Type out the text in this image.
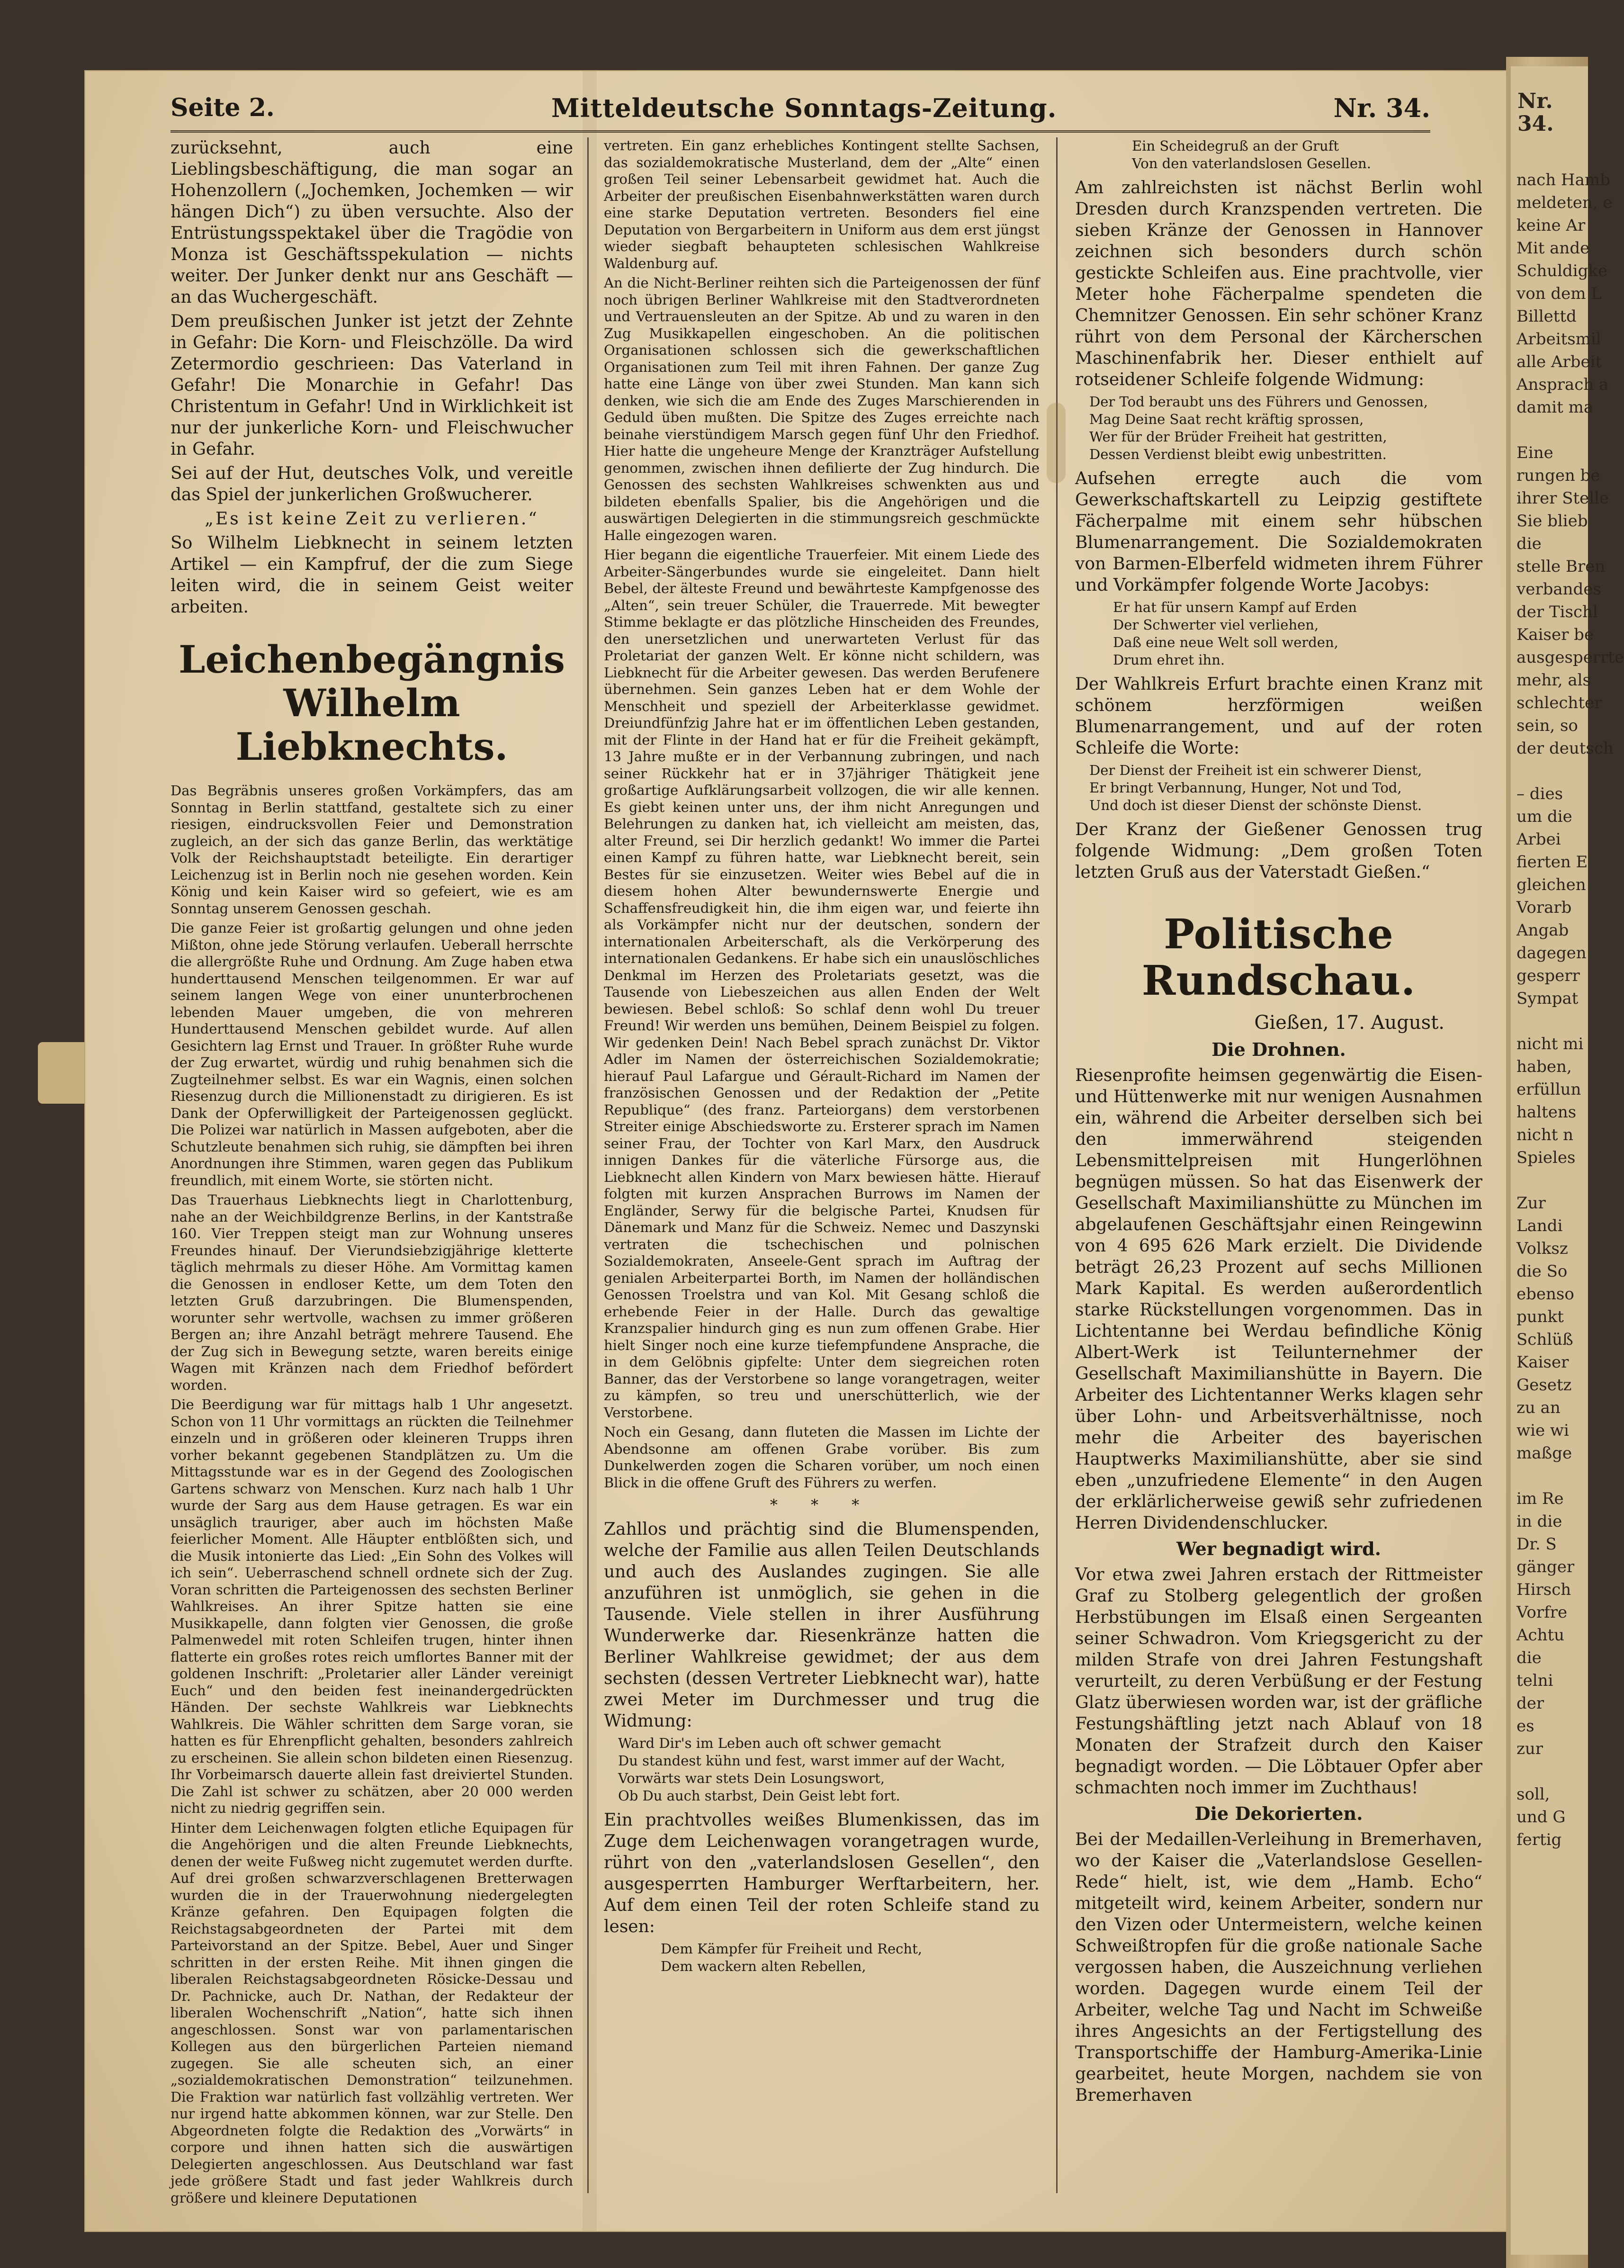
Nr. 34.
nach Hamb
meldeten, e
keine Ar
Mit ande
Schuldigke
von dem L
Billettd
Arbeitsmil
alle Arbeit
Ansprach a
damit ma

Eine
rungen be
ihrer Stelle
Sie blieb
die
stelle Bren
verbandes
der Tischl
Kaiser be
ausgesperrte
mehr, als
schlechter
sein, so
der deutsch

– dies
um die
Arbei
fierten E
gleichen
Vorarb
Angab
dagegen
gesperr
Sympat

nicht mi
haben,
erfüllun
haltens
nicht n
Spieles

Zur
Landi
Volksz
die So
ebenso
punkt
Schlüß
Kaiser
Gesetz
zu an
wie wi
maßge

im Re
in die
Dr. S
gänger
Hirsch
Vorfre
Achtu
die
telni
der
es
zur

soll,
und G
fertig
Seite 2.	Mitteldeutsche Sonntags-Zeitung.	Nr. 34.

zurücksehnt, auch eine Lieblingsbeschäftigung, die man sogar an Hohenzollern („Jochemken, Jochemken — wir hängen Dich“) zu üben versuchte. Also der Entrüstungsspektakel über die Tragödie von Monza ist Geschäftsspekulation — nichts weiter. Der Junker denkt nur ans Geschäft — an das Wuchergeschäft.

Dem preußischen Junker ist jetzt der Zehnte in Gefahr: Die Korn- und Fleischzölle. Da wird Zetermordio geschrieen: Das Vaterland in Gefahr! Die Monarchie in Gefahr! Das Christentum in Gefahr! Und in Wirklichkeit ist nur der junkerliche Korn- und Fleischwucher in Gefahr.

Sei auf der Hut, deutsches Volk, und vereitle das Spiel der junkerlichen Großwucherer.

„Es ist keine Zeit zu verlieren.“

So Wilhelm Liebknecht in seinem letzten Artikel — ein Kampfruf, der die zum Siege leiten wird, die in seinem Geist weiter arbeiten.

Leichenbegängnis Wilhelm Liebknechts.

Das Begräbnis unseres großen Vorkämpfers, das am Sonntag in Berlin stattfand, gestaltete sich zu einer riesigen, eindrucksvollen Feier und Demonstration zugleich, an der sich das ganze Berlin, das werktätige Volk der Reichshauptstadt beteiligte. Ein derartiger Leichenzug ist in Berlin noch nie gesehen worden. Kein König und kein Kaiser wird so gefeiert, wie es am Sonntag unserem Genossen geschah.

Die ganze Feier ist großartig gelungen und ohne jeden Mißton, ohne jede Störung verlaufen. Ueberall herrschte die allergrößte Ruhe und Ordnung. Am Zuge haben etwa hunderttausend Menschen teilgenommen. Er war auf seinem langen Wege von einer ununterbrochenen lebenden Mauer umgeben, die von mehreren Hunderttausend Menschen gebildet wurde. Auf allen Gesichtern lag Ernst und Trauer. In größter Ruhe wurde der Zug erwartet, würdig und ruhig benahmen sich die Zugteilnehmer selbst. Es war ein Wagnis, einen solchen Riesenzug durch die Millionenstadt zu dirigieren. Es ist Dank der Opferwilligkeit der Parteigenossen geglückt. Die Polizei war natürlich in Massen aufgeboten, aber die Schutzleute benahmen sich ruhig, sie dämpften bei ihren Anordnungen ihre Stimmen, waren gegen das Publikum freundlich, mit einem Worte, sie störten nicht.

Das Trauerhaus Liebknechts liegt in Charlottenburg, nahe an der Weichbildgrenze Berlins, in der Kantstraße 160. Vier Treppen steigt man zur Wohnung unseres Freundes hinauf. Der Vierundsiebzigjährige kletterte täglich mehrmals zu dieser Höhe. Am Vormittag kamen die Genossen in endloser Kette, um dem Toten den letzten Gruß darzubringen. Die Blumenspenden, worunter sehr wertvolle, wachsen zu immer größeren Bergen an; ihre Anzahl beträgt mehrere Tausend. Ehe der Zug sich in Bewegung setzte, waren bereits einige Wagen mit Kränzen nach dem Friedhof befördert worden.

Die Beerdigung war für mittags halb 1 Uhr angesetzt. Schon von 11 Uhr vormittags an rückten die Teilnehmer einzeln und in größeren oder kleineren Trupps ihren vorher bekannt gegebenen Standplätzen zu. Um die Mittagsstunde war es in der Gegend des Zoologischen Gartens schwarz von Menschen. Kurz nach halb 1 Uhr wurde der Sarg aus dem Hause getragen. Es war ein unsäglich trauriger, aber auch im höchsten Maße feierlicher Moment. Alle Häupter entblößten sich, und die Musik intonierte das Lied: „Ein Sohn des Volkes will ich sein“. Ueberraschend schnell ordnete sich der Zug. Voran schritten die Parteigenossen des sechsten Berliner Wahlkreises. An ihrer Spitze hatten sie eine Musikkapelle, dann folgten vier Genossen, die große Palmenwedel mit roten Schleifen trugen, hinter ihnen flatterte ein großes rotes reich umflortes Banner mit der goldenen Inschrift: „Proletarier aller Länder vereinigt Euch“ und den beiden fest ineinandergedrückten Händen. Der sechste Wahlkreis war Liebknechts Wahlkreis. Die Wähler schritten dem Sarge voran, sie hatten es für Ehrenpflicht gehalten, besonders zahlreich zu erscheinen. Sie allein schon bildeten einen Riesenzug. Ihr Vorbeimarsch dauerte allein fast dreiviertel Stunden. Die Zahl ist schwer zu schätzen, aber 20 000 werden nicht zu niedrig gegriffen sein.

Hinter dem Leichenwagen folgten etliche Equipagen für die Angehörigen und die alten Freunde Liebknechts, denen der weite Fußweg nicht zugemutet werden durfte. Auf drei großen schwarzverschlagenen Bretterwagen wurden die in der Trauerwohnung niedergelegten Kränze gefahren. Den Equipagen folgten die Reichstagsabgeordneten der Partei mit dem Parteivorstand an der Spitze. Bebel, Auer und Singer schritten in der ersten Reihe. Mit ihnen gingen die liberalen Reichstagsabgeordneten Rösicke-Dessau und Dr. Pachnicke, auch Dr. Nathan, der Redakteur der liberalen Wochenschrift „Nation“, hatte sich ihnen angeschlossen. Sonst war von parlamentarischen Kollegen aus den bürgerlichen Parteien niemand zugegen. Sie alle scheuten sich, an einer „sozialdemokratischen Demonstration“ teilzunehmen. Die Fraktion war natürlich fast vollzählig vertreten. Wer nur irgend hatte abkommen können, war zur Stelle. Den Abgeordneten folgte die Redaktion des „Vorwärts“ in corpore und ihnen hatten sich die auswärtigen Delegierten angeschlossen. Aus Deutschland war fast jede größere Stadt und fast jeder Wahlkreis durch größere und kleinere Deputationen

vertreten. Ein ganz erhebliches Kontingent stellte Sachsen, das sozialdemokratische Musterland, dem der „Alte“ einen großen Teil seiner Lebensarbeit gewidmet hat. Auch die Arbeiter der preußischen Eisenbahnwerkstätten waren durch eine starke Deputation vertreten. Besonders fiel eine Deputation von Bergarbeitern in Uniform aus dem erst jüngst wieder siegbaft behaupteten schlesischen Wahlkreise Waldenburg auf.

An die Nicht-Berliner reihten sich die Parteigenossen der fünf noch übrigen Berliner Wahlkreise mit den Stadtverordneten und Vertrauensleuten an der Spitze. Ab und zu waren in den Zug Musikkapellen eingeschoben. An die politischen Organisationen schlossen sich die gewerkschaftlichen Organisationen zum Teil mit ihren Fahnen. Der ganze Zug hatte eine Länge von über zwei Stunden. Man kann sich denken, wie sich die am Ende des Zuges Marschierenden in Geduld üben mußten. Die Spitze des Zuges erreichte nach beinahe vierstündigem Marsch gegen fünf Uhr den Friedhof. Hier hatte die ungeheure Menge der Kranzträger Aufstellung genommen, zwischen ihnen defilierte der Zug hindurch. Die Genossen des sechsten Wahlkreises schwenkten aus und bildeten ebenfalls Spalier, bis die Angehörigen und die auswärtigen Delegierten in die stimmungsreich geschmückte Halle eingezogen waren.

Hier begann die eigentliche Trauerfeier. Mit einem Liede des Arbeiter-Sängerbundes wurde sie eingeleitet. Dann hielt Bebel, der älteste Freund und bewährteste Kampfgenosse des „Alten“, sein treuer Schüler, die Trauerrede. Mit bewegter Stimme beklagte er das plötzliche Hinscheiden des Freundes, den unersetzlichen und unerwarteten Verlust für das Proletariat der ganzen Welt. Er könne nicht schildern, was Liebknecht für die Arbeiter gewesen. Das werden Berufenere übernehmen. Sein ganzes Leben hat er dem Wohle der Menschheit und speziell der Arbeiterklasse gewidmet. Dreiundfünfzig Jahre hat er im öffentlichen Leben gestanden, mit der Flinte in der Hand hat er für die Freiheit gekämpft, 13 Jahre mußte er in der Verbannung zubringen, und nach seiner Rückkehr hat er in 37jähriger Thätigkeit jene großartige Aufklärungsarbeit vollzogen, die wir alle kennen. Es giebt keinen unter uns, der ihm nicht Anregungen und Belehrungen zu danken hat, ich vielleicht am meisten, das, alter Freund, sei Dir herzlich gedankt! Wo immer die Partei einen Kampf zu führen hatte, war Liebknecht bereit, sein Bestes für sie einzusetzen. Weiter wies Bebel auf die in diesem hohen Alter bewundernswerte Energie und Schaffensfreudigkeit hin, die ihm eigen war, und feierte ihn als Vorkämpfer nicht nur der deutschen, sondern der internationalen Arbeiterschaft, als die Verkörperung des internationalen Gedankens. Er habe sich ein unauslöschliches Denkmal im Herzen des Proletariats gesetzt, was die Tausende von Liebeszeichen aus allen Enden der Welt bewiesen. Bebel schloß: So schlaf denn wohl Du treuer Freund! Wir werden uns bemühen, Deinem Beispiel zu folgen. Wir gedenken Dein! Nach Bebel sprach zunächst Dr. Viktor Adler im Namen der österreichischen Sozialdemokratie; hierauf Paul Lafargue und Gérault-Richard im Namen der französischen Genossen und der Redaktion der „Petite Republique“ (des franz. Parteiorgans) dem verstorbenen Streiter einige Abschiedsworte zu. Ersterer sprach im Namen seiner Frau, der Tochter von Karl Marx, den Ausdruck innigen Dankes für die väterliche Fürsorge aus, die Liebknecht allen Kindern von Marx bewiesen hätte. Hierauf folgten mit kurzen Ansprachen Burrows im Namen der Engländer, Serwy für die belgische Partei, Knudsen für Dänemark und Manz für die Schweiz. Nemec und Daszynski vertraten die tschechischen und polnischen Sozialdemokraten, Anseele-Gent sprach im Auftrag der genialen Arbeiterpartei Borth, im Namen der holländischen Genossen Troelstra und van Kol. Mit Gesang schloß die erhebende Feier in der Halle. Durch das gewaltige Kranzspalier hindurch ging es nun zum offenen Grabe. Hier hielt Singer noch eine kurze tiefempfundene Ansprache, die in dem Gelöbnis gipfelte: Unter dem siegreichen roten Banner, das der Verstorbene so lange vorangetragen, weiter zu kämpfen, so treu und unerschütterlich, wie der Verstorbene.

Noch ein Gesang, dann fluteten die Massen im Lichte der Abendsonne am offenen Grabe vorüber. Bis zum Dunkelwerden zogen die Scharen vorüber, um noch einen Blick in die offene Gruft des Führers zu werfen.

* * *

Zahllos und prächtig sind die Blumenspenden, welche der Familie aus allen Teilen Deutschlands und auch des Auslandes zugingen. Sie alle anzuführen ist unmöglich, sie gehen in die Tausende. Viele stellen in ihrer Ausführung Wunderwerke dar. Riesenkränze hatten die Berliner Wahlkreise gewidmet; der aus dem sechsten (dessen Vertreter Liebknecht war), hatte zwei Meter im Durchmesser und trug die Widmung:

Ward Dir's im Leben auch oft schwer gemacht
Du standest kühn und fest, warst immer auf der Wacht,
Vorwärts war stets Dein Losungswort,
Ob Du auch starbst, Dein Geist lebt fort.

Ein prachtvolles weißes Blumenkissen, das im Zuge dem Leichenwagen vorangetragen wurde, rührt von den „vaterlandslosen Gesellen“, den ausgesperrten Hamburger Werftarbeitern, her. Auf dem einen Teil der roten Schleife stand zu lesen:

Dem Kämpfer für Freiheit und Recht,
Dem wackern alten Rebellen,
Ein Scheidegruß an der Gruft
Von den vaterlandslosen Gesellen.

Am zahlreichsten ist nächst Berlin wohl Dresden durch Kranzspenden vertreten. Die sieben Kränze der Genossen in Hannover zeichnen sich besonders durch schön gestickte Schleifen aus. Eine prachtvolle, vier Meter hohe Fächerpalme spendeten die Chemnitzer Genossen. Ein sehr schöner Kranz rührt von dem Personal der Kärcherschen Maschinenfabrik her. Dieser enthielt auf rotseidener Schleife folgende Widmung:

Der Tod beraubt uns des Führers und Genossen,
Mag Deine Saat recht kräftig sprossen,
Wer für der Brüder Freiheit hat gestritten,
Dessen Verdienst bleibt ewig unbestritten.

Aufsehen erregte auch die vom Gewerkschaftskartell zu Leipzig gestiftete Fächerpalme mit einem sehr hübschen Blumenarrangement. Die Sozialdemokraten von Barmen-Elberfeld widmeten ihrem Führer und Vorkämpfer folgende Worte Jacobys:

Er hat für unsern Kampf auf Erden
Der Schwerter viel verliehen,
Daß eine neue Welt soll werden,
Drum ehret ihn.

Der Wahlkreis Erfurt brachte einen Kranz mit schönem herzförmigen weißen Blumenarrangement, und auf der roten Schleife die Worte:

Der Dienst der Freiheit ist ein schwerer Dienst,
Er bringt Verbannung, Hunger, Not und Tod,
Und doch ist dieser Dienst der schönste Dienst.

Der Kranz der Gießener Genossen trug folgende Widmung: „Dem großen Toten letzten Gruß aus der Vaterstadt Gießen.“

Politische Rundschau.
Gießen, 17. August.
Die Drohnen.

Riesenprofite heimsen gegenwärtig die Eisen- und Hüttenwerke mit nur wenigen Ausnahmen ein, während die Arbeiter derselben sich bei den immerwährend steigenden Lebensmittelpreisen mit Hungerlöhnen begnügen müssen. So hat das Eisenwerk der Gesellschaft Maximilianshütte zu München im abgelaufenen Geschäftsjahr einen Reingewinn von 4 695 626 Mark erzielt. Die Dividende beträgt 26,23 Prozent auf sechs Millionen Mark Kapital. Es werden außerordentlich starke Rückstellungen vorgenommen. Das in Lichtentanne bei Werdau befindliche König Albert-Werk ist Teilunternehmer der Gesellschaft Maximilianshütte in Bayern. Die Arbeiter des Lichtentanner Werks klagen sehr über Lohn- und Arbeitsverhältnisse, noch mehr die Arbeiter des bayerischen Hauptwerks Maximilianshütte, aber sie sind eben „unzufriedene Elemente“ in den Augen der erklärlicherweise gewiß sehr zufriedenen Herren Dividendenschlucker.

Wer begnadigt wird.

Vor etwa zwei Jahren erstach der Rittmeister Graf zu Stolberg gelegentlich der großen Herbstübungen im Elsaß einen Sergeanten seiner Schwadron. Vom Kriegsgericht zu der milden Strafe von drei Jahren Festungshaft verurteilt, zu deren Verbüßung er der Festung Glatz überwiesen worden war, ist der gräfliche Festungshäftling jetzt nach Ablauf von 18 Monaten der Strafzeit durch den Kaiser begnadigt worden. — Die Löbtauer Opfer aber schmachten noch immer im Zuchthaus!

Die Dekorierten.

Bei der Medaillen-Verleihung in Bremerhaven, wo der Kaiser die „Vaterlandslose Gesellen-Rede“ hielt, ist, wie dem „Hamb. Echo“ mitgeteilt wird, keinem Arbeiter, sondern nur den Vizen oder Untermeistern, welche keinen Schweißtropfen für die große nationale Sache vergossen haben, die Auszeichnung verliehen worden. Dagegen wurde einem Teil der Arbeiter, welche Tag und Nacht im Schweiße ihres Angesichts an der Fertigstellung des Transportschiffe der Hamburg-Amerika-Linie gearbeitet, heute Morgen, nachdem sie von Bremerhaven
